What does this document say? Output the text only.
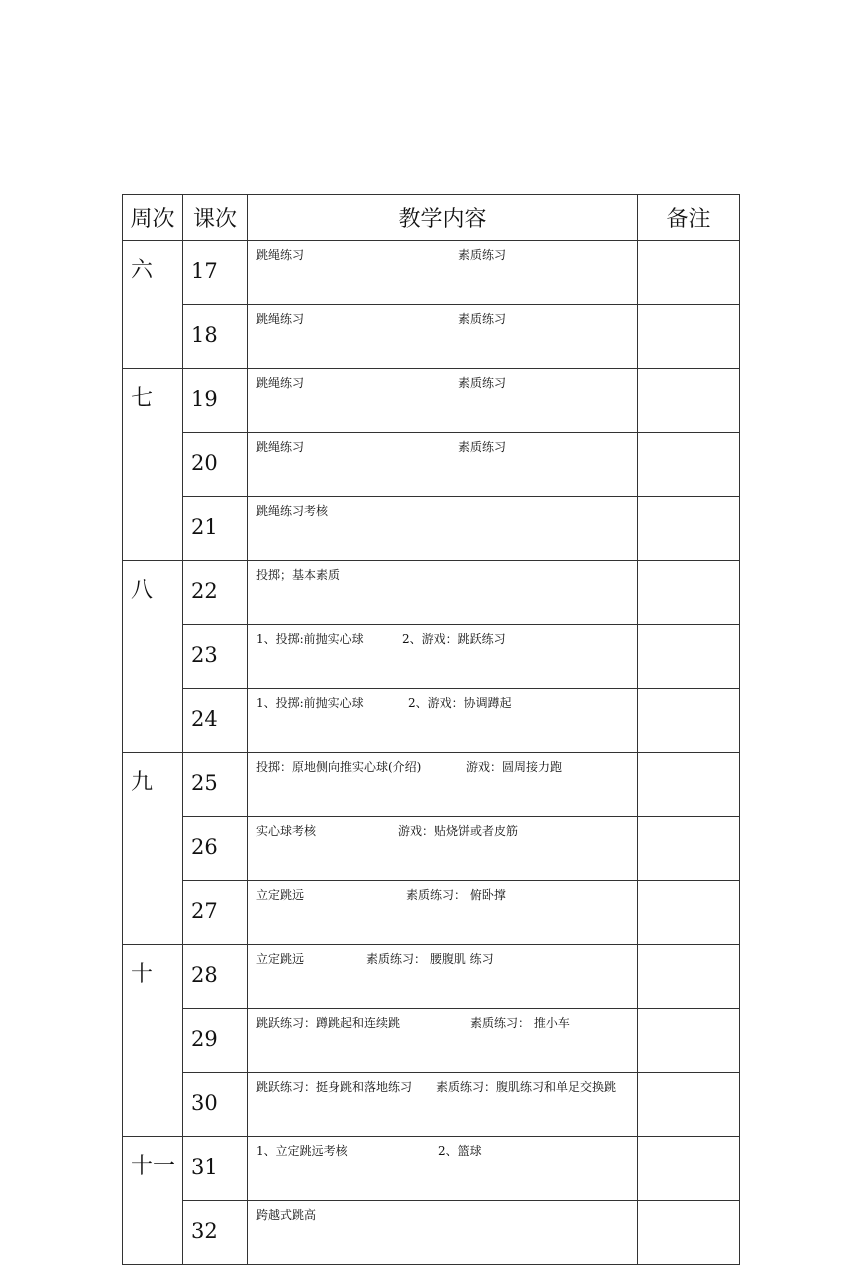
周次	课次	教学内容	备注
六	17	跳绳练习 素质练习	
	18	跳绳练习 素质练习	
七	19	跳绳练习 素质练习	
	20	跳绳练习 素质练习	
	21	跳绳练习考核	
八	22	投掷；基本素质	
	23	1、投掷:前抛实心球 2、游戏：跳跃练习	
	24	1、投掷:前抛实心球 2、游戏：协调蹲起	
九	25	投掷：原地侧向推实心球(介绍) 游戏：圆周接力跑	
	26	实心球考核 游戏：贴烧饼或者皮筋	
	27	立定跳远 素质练习： 俯卧撑	
十	28	立定跳远 素质练习： 腰腹肌 练习	
	29	跳跃练习：蹲跳起和连续跳 素质练习： 推小车	
	30	跳跃练习：挺身跳和落地练习 素质练习：腹肌练习和单足交换跳	
十一	31	1、立定跳远考核 2、篮球	
	32	跨越式跳高	
